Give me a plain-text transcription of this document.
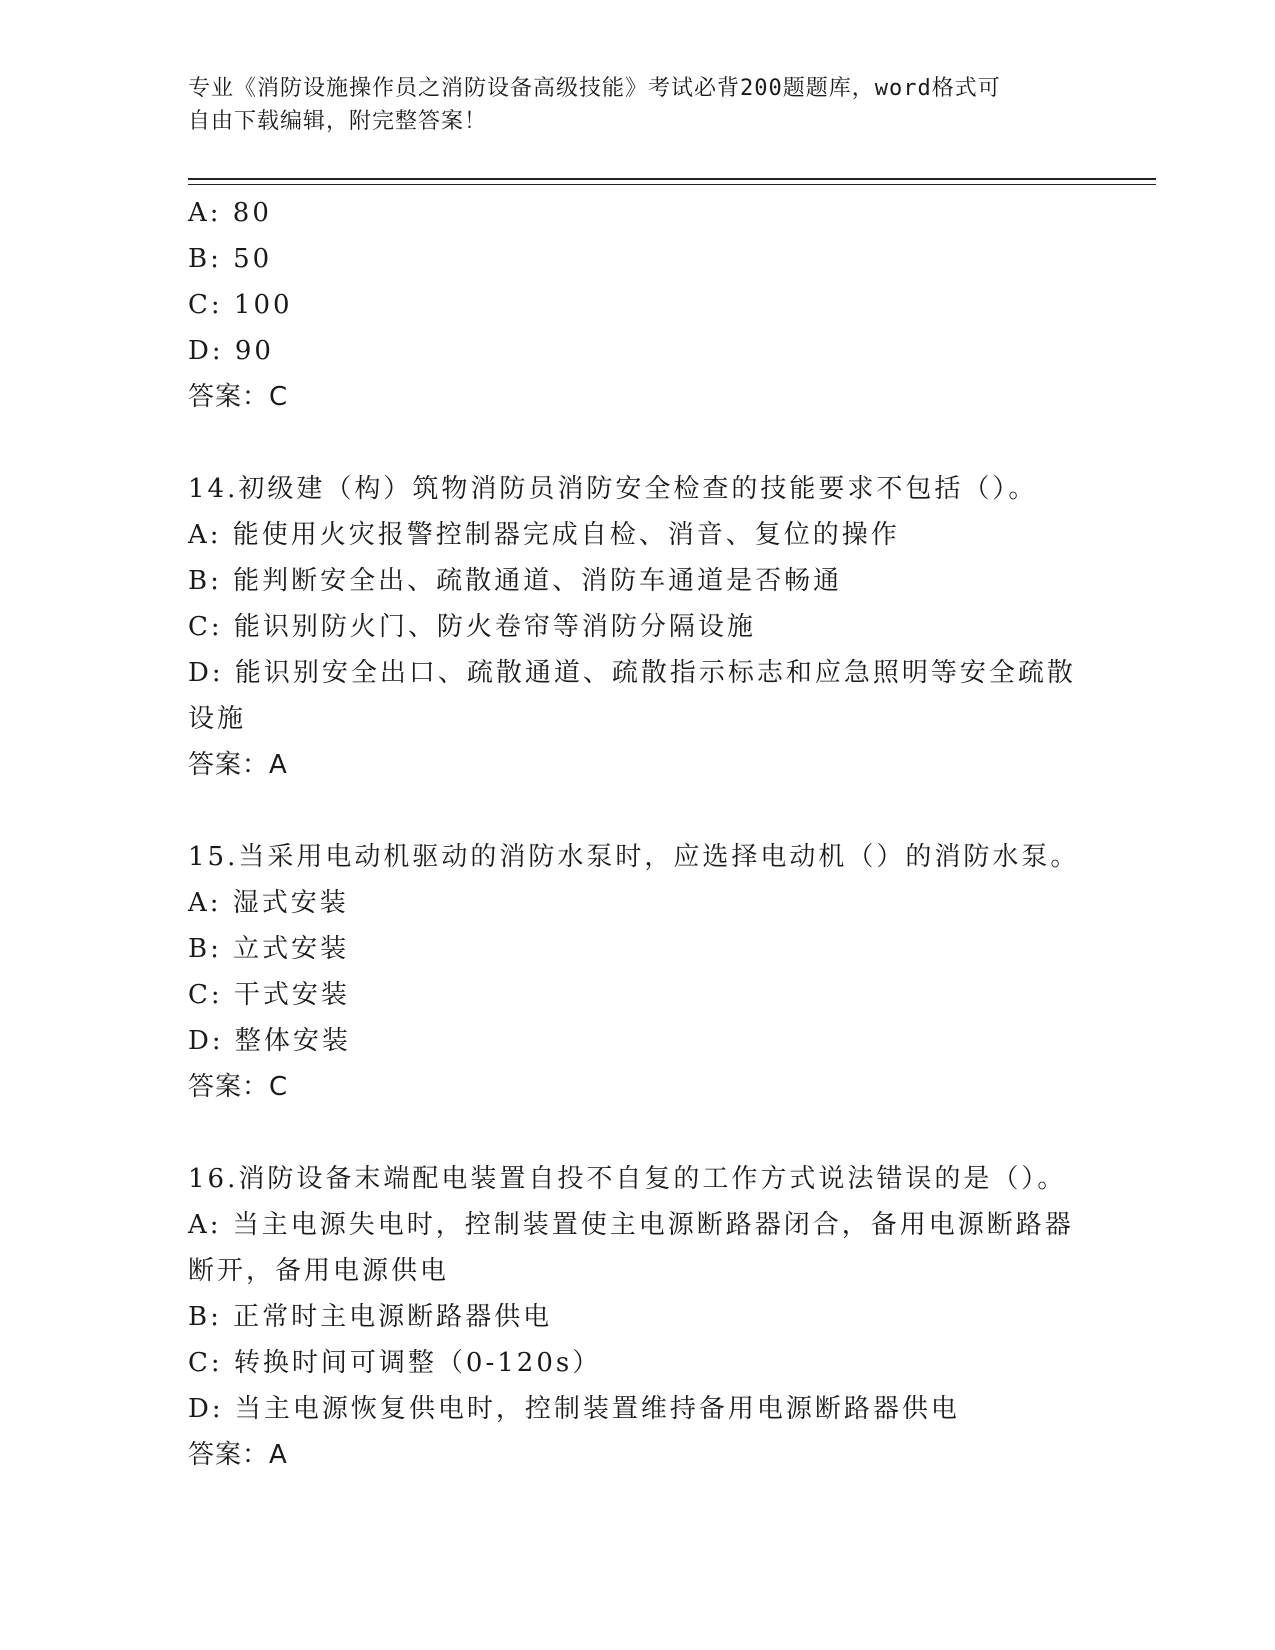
专业《消防设施操作员之消防设备高级技能》考试必背200题题库，word格式可
自由下载编辑，附完整答案！

A: 80

B: 50

C: 100

D: 90

答案：C

14.初级建（构）筑物消防员消防安全检查的技能要求不包括（）。

A: 能使用火灾报警控制器完成自检、消音、复位的操作

B: 能判断安全出、疏散通道、消防车通道是否畅通

C: 能识别防火门、防火卷帘等消防分隔设施

D: 能识别安全出口、疏散通道、疏散指示标志和应急照明等安全疏散设施

答案：A

15.当采用电动机驱动的消防水泵时，应选择电动机（）的消防水泵。

A: 湿式安装

B: 立式安装

C: 干式安装

D: 整体安装

答案：C

16.消防设备末端配电装置自投不自复的工作方式说法错误的是（）。

A: 当主电源失电时，控制装置使主电源断路器闭合，备用电源断路器断开，备用电源供电

B: 正常时主电源断路器供电

C: 转换时间可调整（0-120s）

D: 当主电源恢复供电时，控制装置维持备用电源断路器供电

答案：A
